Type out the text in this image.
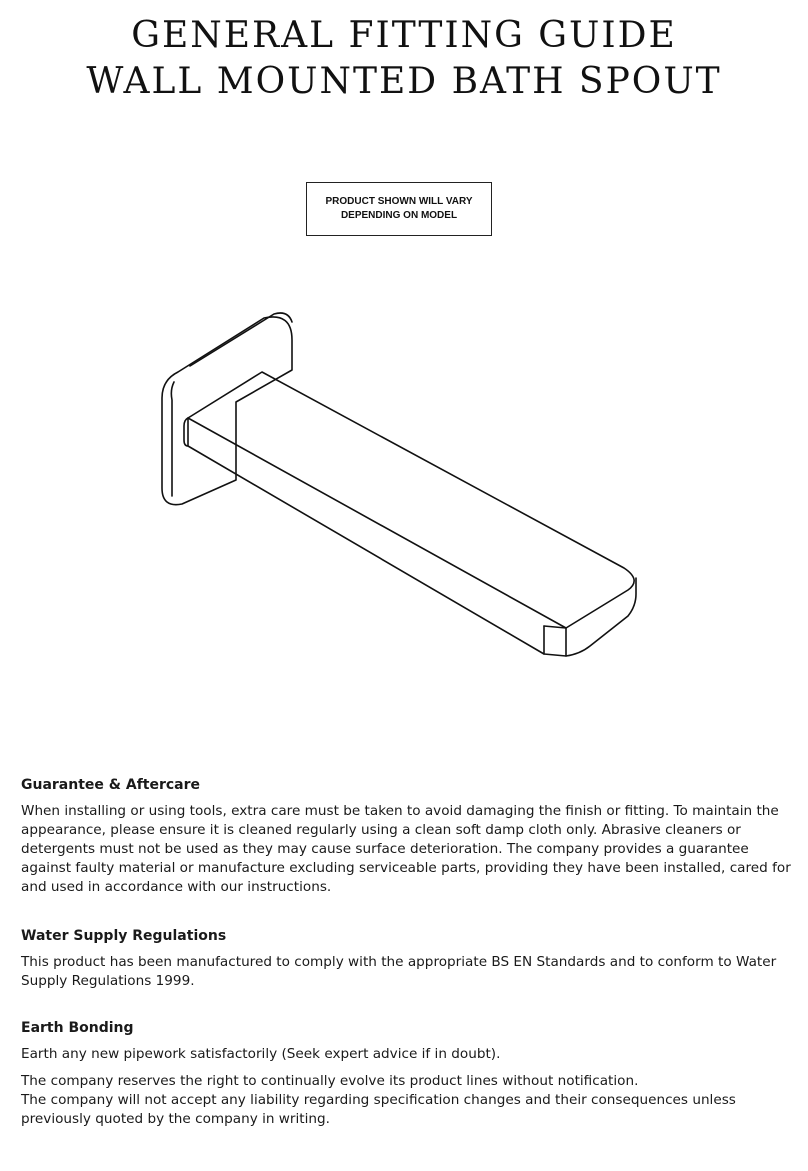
GENERAL FITTING GUIDE
WALL MOUNTED BATH SPOUT
PRODUCT SHOWN WILL VARY
DEPENDING ON MODEL
Guarantee & Aftercare

When installing or using tools, extra care must be taken to avoid damaging the finish or fitting. To maintain the appearance, please ensure it is cleaned regularly using a clean soft damp cloth only. Abrasive cleaners or detergents must not be used as they may cause surface deterioration. The company provides a guarantee against faulty material or manufacture excluding serviceable parts, providing they have been installed, cared for and used in accordance with our instructions.

Water Supply Regulations

This product has been manufactured to comply with the appropriate BS EN Standards and to conform to Water Supply Regulations 1999.

Earth Bonding

Earth any new pipework satisfactorily (Seek expert advice if in doubt).

The company reserves the right to continually evolve its product lines without notification.

The company will not accept any liability regarding specification changes and their consequences unless previously quoted by the company in writing.
